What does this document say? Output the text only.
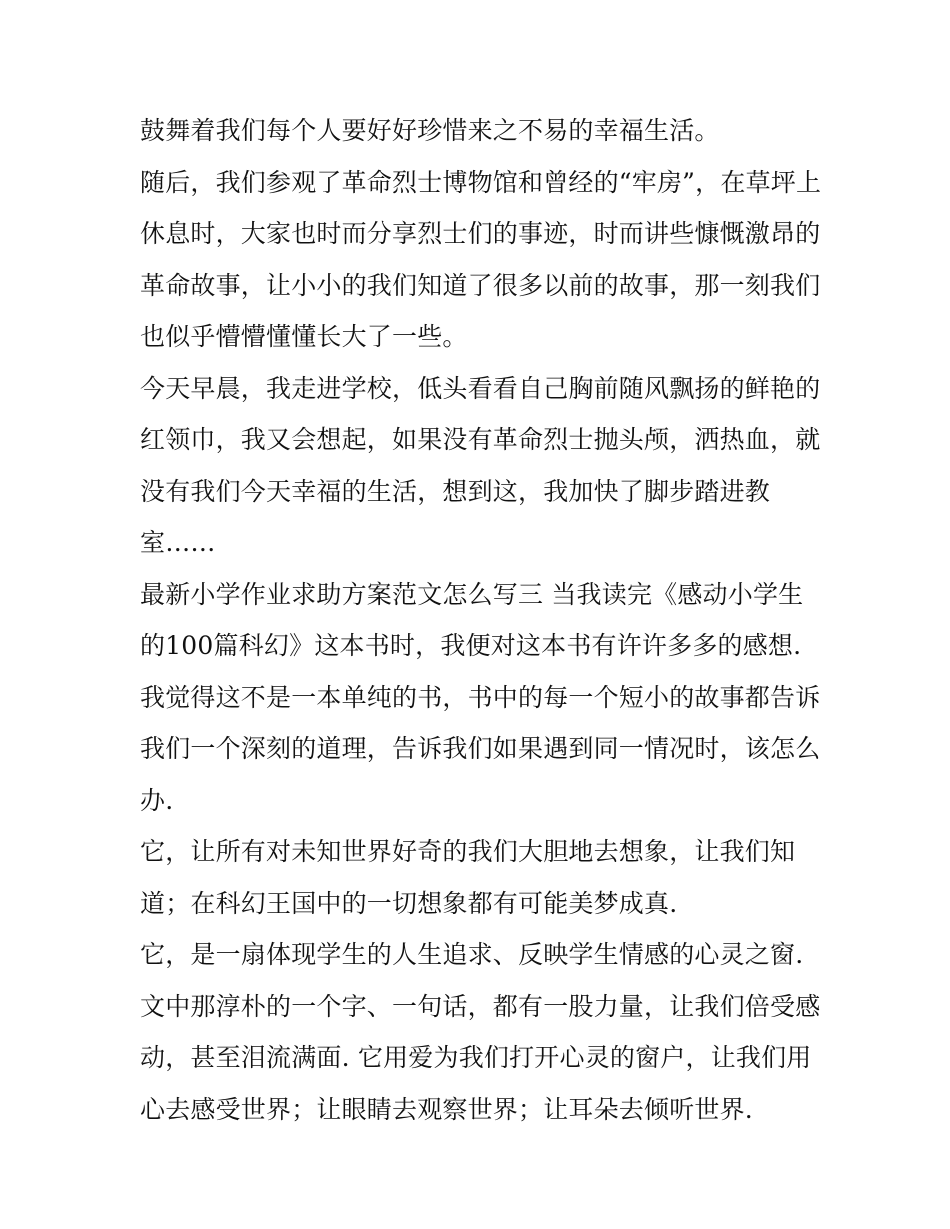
鼓舞着我们每个人要好好珍惜来之不易的幸福生活。
随后，我们参观了革命烈士博物馆和曾经的“牢房”，在草坪上
休息时，大家也时而分享烈士们的事迹，时而讲些慷慨激昂的
革命故事，让小小的我们知道了很多以前的故事，那一刻我们
也似乎懵懵懂懂长大了一些。
今天早晨，我走进学校，低头看看自己胸前随风飘扬的鲜艳的
红领巾，我又会想起，如果没有革命烈士抛头颅，洒热血，就
没有我们今天幸福的生活，想到这，我加快了脚步踏进教
室……
最新小学作业求助方案范文怎么写三 当我读完《感动小学生
的100篇科幻》这本书时，我便对这本书有许许多多的感想.
我觉得这不是一本单纯的书，书中的每一个短小的故事都告诉
我们一个深刻的道理，告诉我们如果遇到同一情况时，该怎么
办.
它，让所有对未知世界好奇的我们大胆地去想象，让我们知
道；在科幻王国中的一切想象都有可能美梦成真.
它，是一扇体现学生的人生追求、反映学生情感的心灵之窗.
文中那淳朴的一个字、一句话，都有一股力量，让我们倍受感
动，甚至泪流满面. 它用爱为我们打开心灵的窗户，让我们用
心去感受世界；让眼睛去观察世界；让耳朵去倾听世界.
